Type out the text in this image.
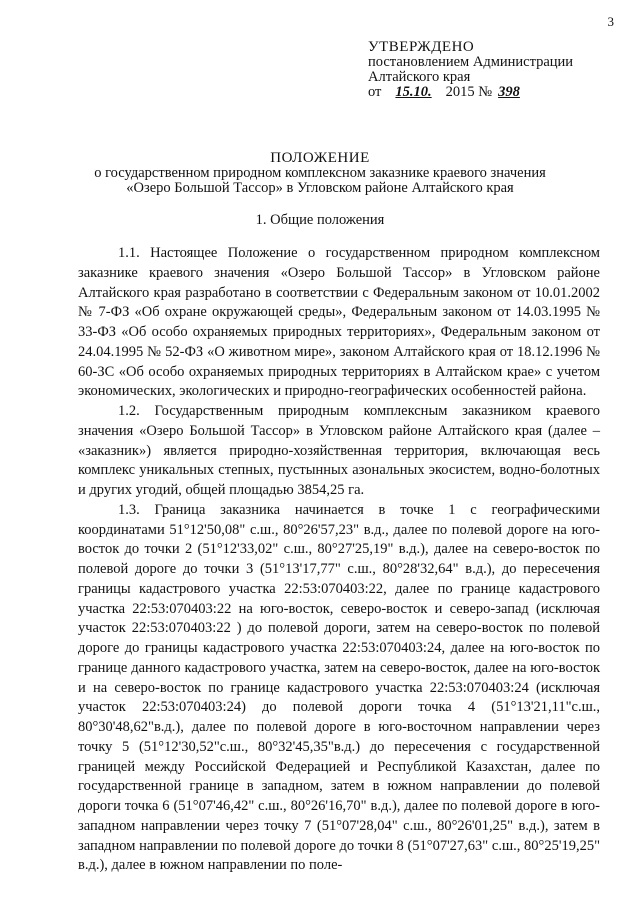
3
УТВЕРЖДЕНО
постановлением Администрации
Алтайского края
от 15.10. 2015 № 398
ПОЛОЖЕНИЕ
о государственном природном комплексном заказнике краевого значения
«Озеро Большой Тассор» в Угловском районе Алтайского края
1. Общие положения

1.1. Настоящее Положение о государственном природном комплексном заказнике краевого значения «Озеро Большой Тассор» в Угловском районе Алтайского края разработано в соответствии с Федеральным законом от 10.01.2002 № 7-ФЗ «Об охране окружающей среды», Федеральным законом от 14.03.1995 № 33-ФЗ «Об особо охраняемых природных территориях», Федеральным законом от 24.04.1995 № 52-ФЗ «О животном мире», законом Алтайского края от 18.12.1996 № 60-ЗС «Об особо охраняемых природных территориях в Алтайском крае» с учетом экономических, экологических и природно-географических особенностей района.

1.2. Государственным природным комплексным заказником краевого значения «Озеро Большой Тассор» в Угловском районе Алтайского края (далее – «заказник») является природно-хозяйственная территория, включающая весь комплекс уникальных степных, пустынных азональных экосистем, водно-болотных и других угодий, общей площадью 3854,25 га.

1.3. Граница заказника начинается в точке 1 с географическими координатами 51°12'50,08" с.ш., 80°26'57,23" в.д., далее по полевой дороге на юго-восток до точки 2 (51°12'33,02" с.ш., 80°27'25,19" в.д.), далее на северо-восток по полевой дороге до точки 3 (51°13'17,77" с.ш., 80°28'32,64" в.д.), до пересечения границы кадастрового участка 22:53:070403:22, далее по границе кадастрового участка 22:53:070403:22 на юго-восток, северо-восток и северо-запад (исключая участок 22:53:070403:22 ) до полевой дороги, затем на северо-восток по полевой дороге до границы кадастрового участка 22:53:070403:24, далее на юго-восток по границе данного кадастрового участка, затем на северо-восток, далее на юго-восток и на северо-восток по границе кадастрового участка 22:53:070403:24 (исключая участок 22:53:070403:24) до полевой дороги точка 4 (51°13'21,11"с.ш., 80°30'48,62"в.д.), далее по полевой дороге в юго-восточном направлении через точку 5 (51°12'30,52"с.ш., 80°32'45,35"в.д.) до пересечения с государственной границей между Российской Федерацией и Республикой Казахстан, далее по государственной границе в западном, затем в южном направлении до полевой дороги точка 6 (51°07'46,42" с.ш., 80°26'16,70" в.д.), далее по полевой дороге в юго-западном направлении через точку 7 (51°07'28,04" с.ш., 80°26'01,25" в.д.), затем в западном направлении по полевой дороге до точки 8 (51°07'27,63" с.ш., 80°25'19,25" в.д.), далее в южном направлении по поле-
